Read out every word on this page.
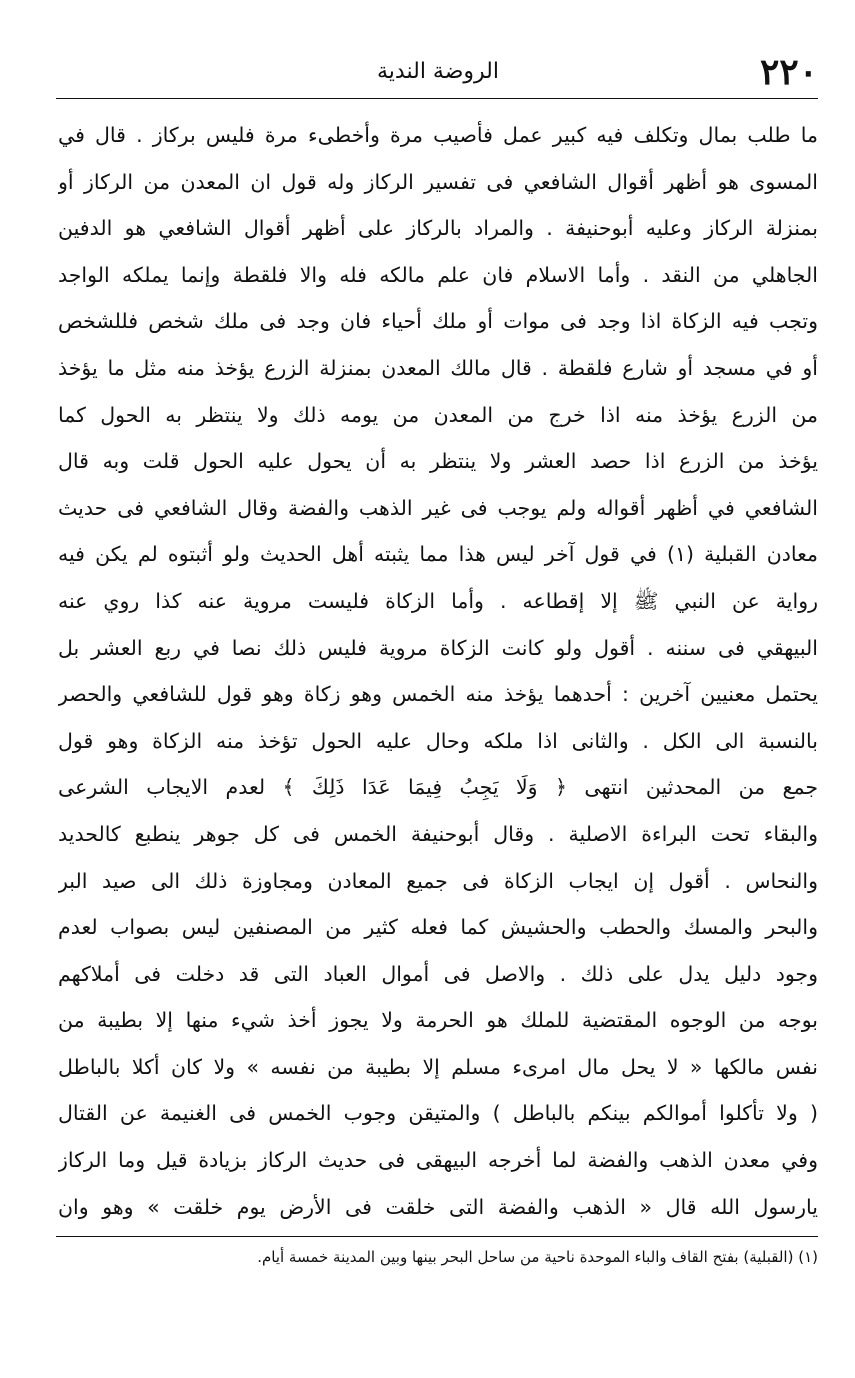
٢٢٠
الروضة الندية
ما طلب بمال وتكلف فيه كبير عمل فأصيب مرة وأخطىء مرة فليس بركاز . قال في
المسوى هو أظهر أقوال الشافعي فى تفسير الركاز وله قول ان المعدن من الركاز أو
بمنزلة الركاز وعليه أبوحنيفة . والمراد بالركاز على أظهر أقوال الشافعي هو الدفين
الجاهلي من النقد . وأما الاسلام فان علم مالكه فله والا فلقطة وإنما يملكه الواجد
وتجب فيه الزكاة اذا وجد فى موات أو ملك أحياء فان وجد فى ملك شخص فللشخص
أو في مسجد أو شارع فلقطة . قال مالك المعدن بمنزلة الزرع يؤخذ منه مثل ما يؤخذ
من الزرع يؤخذ منه اذا خرج من المعدن من يومه ذلك ولا ينتظر به الحول كما
يؤخذ من الزرع اذا حصد العشر ولا ينتظر به أن يحول عليه الحول قلت وبه قال
الشافعي في أظهر أقواله ولم يوجب فى غير الذهب والفضة وقال الشافعي فى حديث
معادن القبلية (١) في قول آخر ليس هذا مما يثبته أهل الحديث ولو أثبتوه لم يكن فيه
رواية عن النبي ﷺ إلا إقطاعه . وأما الزكاة فليست مروية عنه كذا روي عنه
البيهقي فى سننه . أقول ولو كانت الزكاة مروية فليس ذلك نصا في ربع العشر بل
يحتمل معنيين آخرين : أحدهما يؤخذ منه الخمس وهو زكاة وهو قول للشافعي والحصر
بالنسبة الى الكل . والثانى اذا ملكه وحال عليه الحول تؤخذ منه الزكاة وهو قول
جمع من المحدثين انتهى ﴿ وَلَا يَجِبُ فِيمَا عَدَا ذَلِكَ ﴾ لعدم الايجاب الشرعى
والبقاء تحت البراءة الاصلية . وقال أبوحنيفة الخمس فى كل جوهر ينطبع كالحديد
والنحاس . أقول إن ايجاب الزكاة فى جميع المعادن ومجاوزة ذلك الى صيد البر
والبحر والمسك والحطب والحشيش كما فعله كثير من المصنفين ليس بصواب لعدم
وجود دليل يدل على ذلك . والاصل فى أموال العباد التى قد دخلت فى أملاكهم
بوجه من الوجوه المقتضية للملك هو الحرمة ولا يجوز أخذ شيء منها إلا بطيبة من
نفس مالكها « لا يحل مال امرىء مسلم إلا بطيبة من نفسه » ولا كان أكلا بالباطل
( ولا تأكلوا أموالكم بينكم بالباطل ) والمتيقن وجوب الخمس فى الغنيمة عن القتال
وفي معدن الذهب والفضة لما أخرجه البيهقى فى حديث الركاز بزيادة قيل وما الركاز
يارسول الله قال « الذهب والفضة التى خلقت فى الأرض يوم خلقت » وهو وان
(١) (القبلية) بفتح القاف والباء الموحدة ناحية من ساحل البحر بينها وبين المدينة خمسة أيام.
